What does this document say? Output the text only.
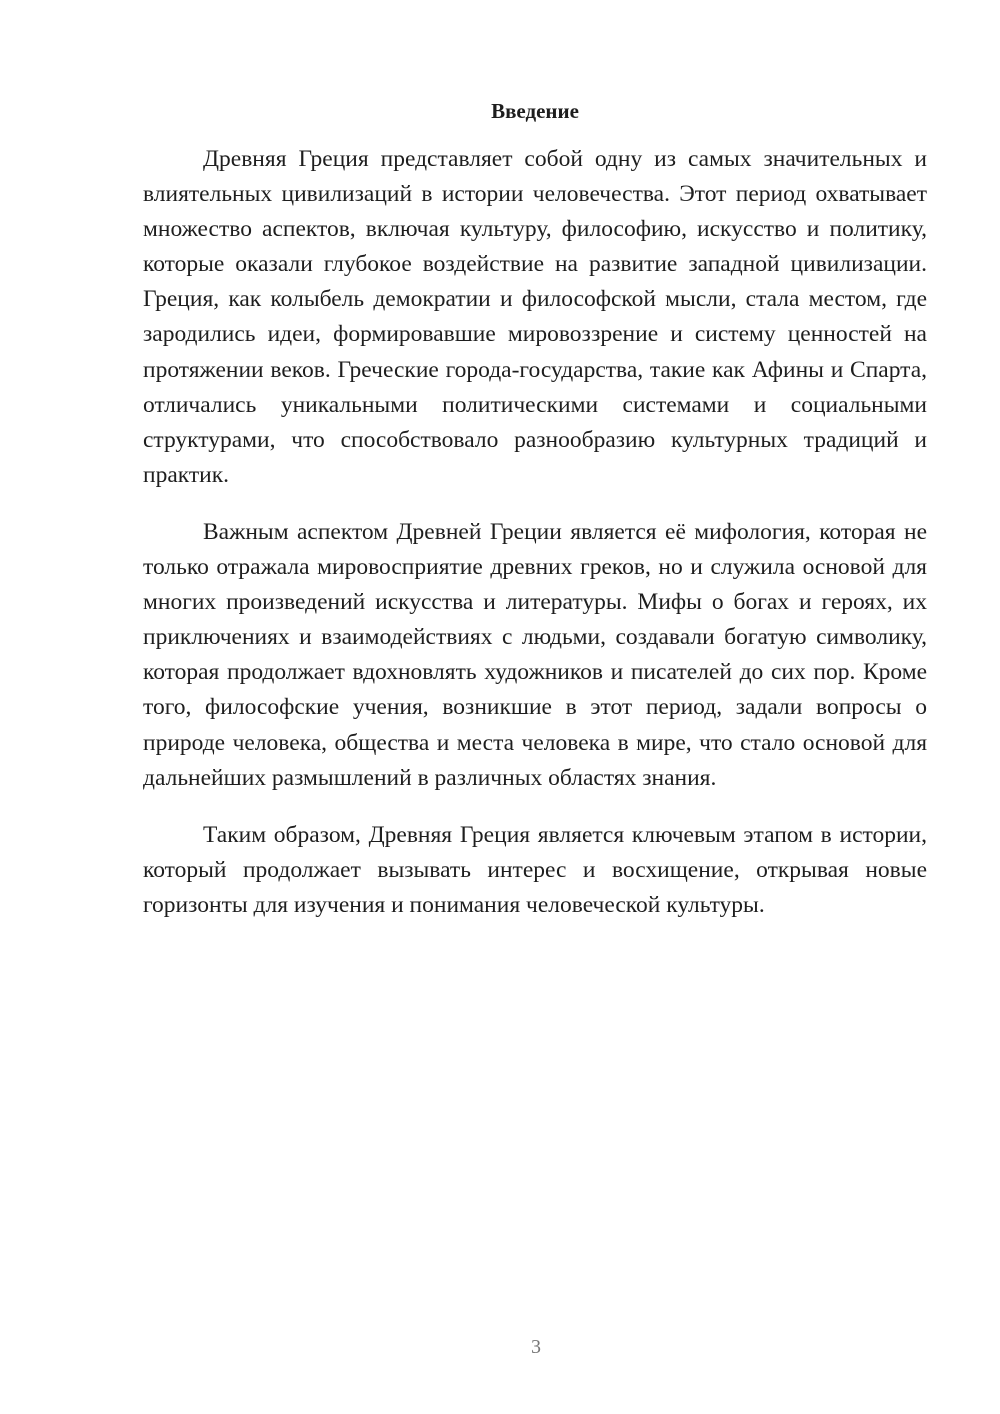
Введение

Древняя Греция представляет собой одну из самых значительных и влиятельных цивилизаций в истории человечества. Этот период охватывает множество аспектов, включая культуру, философию, искусство и политику, которые оказали глубокое воздействие на развитие западной цивилизации. Греция, как колыбель демократии и философской мысли, стала местом, где зародились идеи, формировавшие мировоззрение и систему ценностей на протяжении веков. Греческие города-государства, такие как Афины и Спарта, отличались уникальными политическими системами и социальными структурами, что способствовало разнообразию культурных традиций и практик.

Важным аспектом Древней Греции является её мифология, которая не только отражала мировосприятие древних греков, но и служила основой для многих произведений искусства и литературы. Мифы о богах и героях, их приключениях и взаимодействиях с людьми, создавали богатую символику, которая продолжает вдохновлять художников и писателей до сих пор. Кроме того, философские учения, возникшие в этот период, задали вопросы о природе человека, общества и места человека в мире, что стало основой для дальнейших размышлений в различных областях знания.

Таким образом, Древняя Греция является ключевым этапом в истории, который продолжает вызывать интерес и восхищение, открывая новые горизонты для изучения и понимания человеческой культуры.

3
